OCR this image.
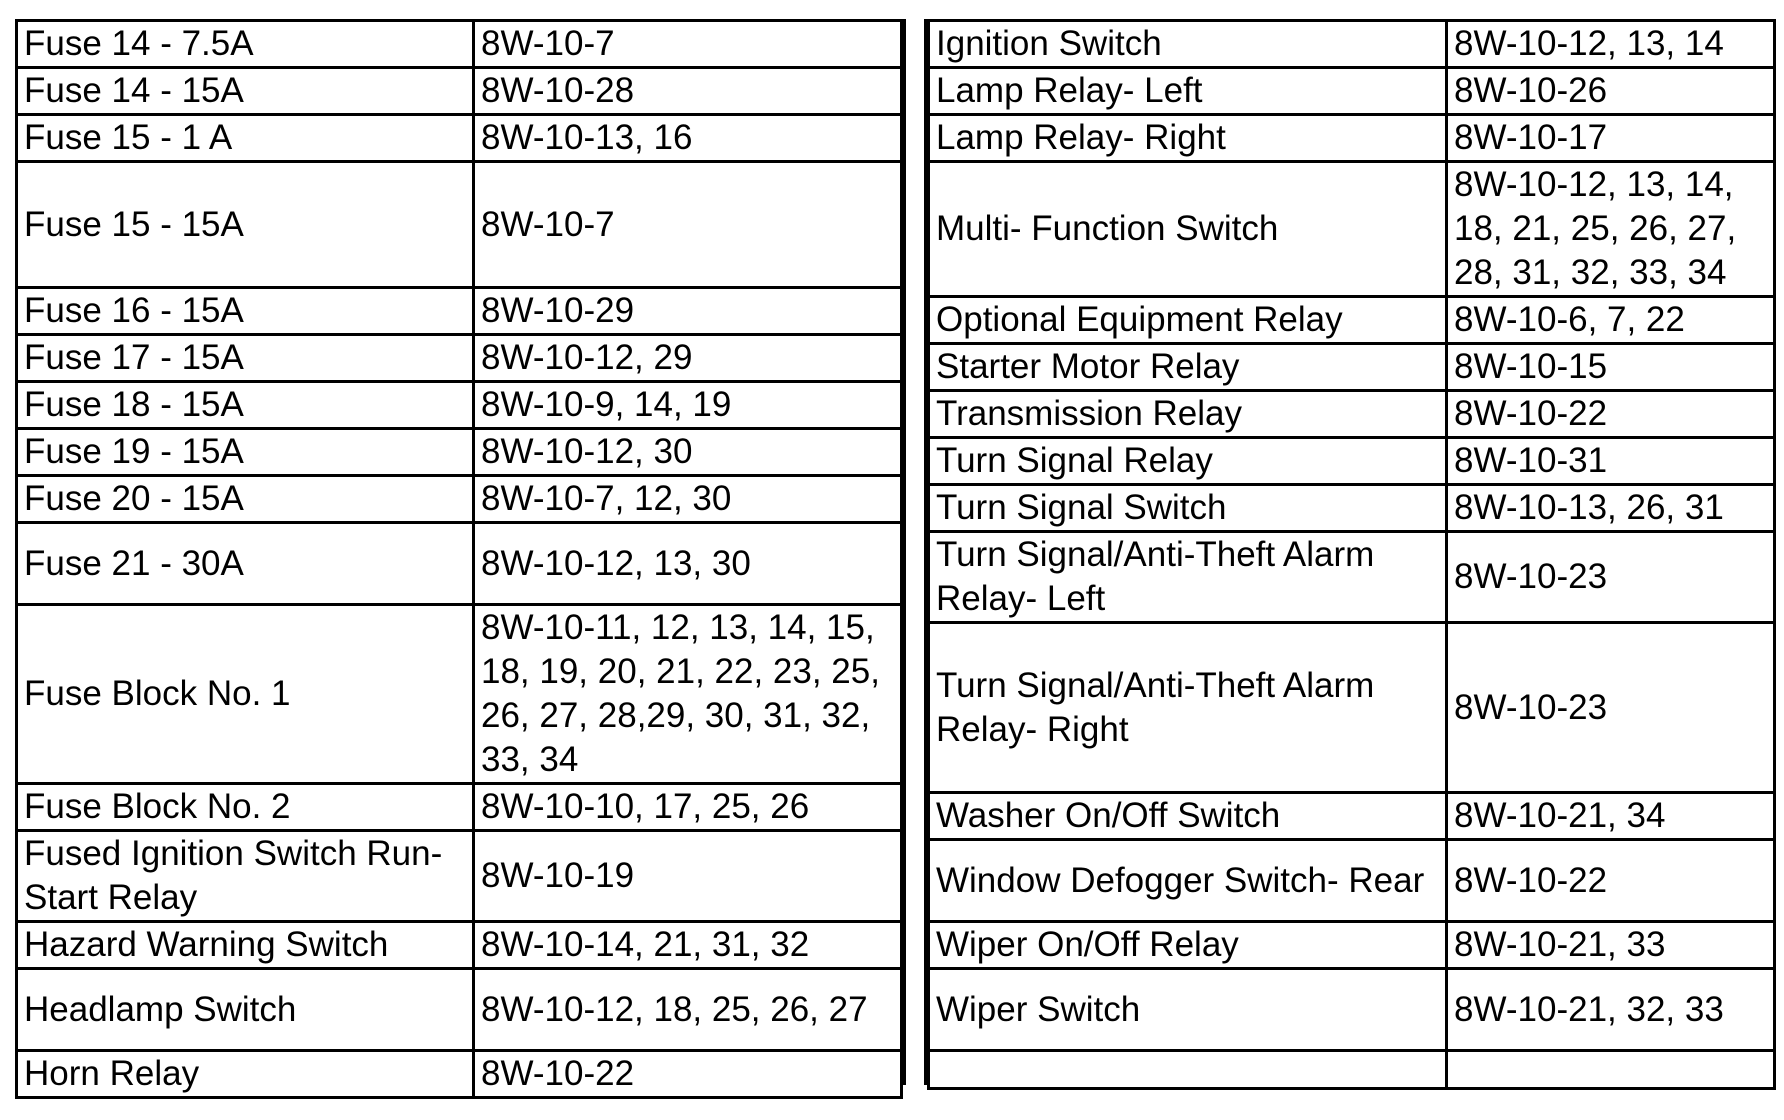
Fuse 14 - 7.5A	8W-10-7
Fuse 14 - 15A	8W-10-28
Fuse 15 - 1 A	8W-10-13, 16
Fuse 15 - 15A	8W-10-7
Fuse 16 - 15A	8W-10-29
Fuse 17 - 15A	8W-10-12, 29
Fuse 18 - 15A	8W-10-9, 14, 19
Fuse 19 - 15A	8W-10-12, 30
Fuse 20 - 15A	8W-10-7, 12, 30
Fuse 21 - 30A	8W-10-12, 13, 30
Fuse Block No. 1	8W-10-11, 12, 13, 14, 15,
18, 19, 20, 21, 22, 23, 25,
26, 27, 28,29, 30, 31, 32,
33, 34
Fuse Block No. 2	8W-10-10, 17, 25, 26
Fused Ignition Switch Run-
Start Relay	8W-10-19
Hazard Warning Switch	8W-10-14, 21, 31, 32
Headlamp Switch	8W-10-12, 18, 25, 26, 27
Horn Relay	8W-10-22
Ignition Switch	8W-10-12, 13, 14
Lamp Relay- Left	8W-10-26
Lamp Relay- Right	8W-10-17
Multi- Function Switch	8W-10-12, 13, 14,
18, 21, 25, 26, 27,
28, 31, 32, 33, 34
Optional Equipment Relay	8W-10-6, 7, 22
Starter Motor Relay	8W-10-15
Transmission Relay	8W-10-22
Turn Signal Relay	8W-10-31
Turn Signal Switch	8W-10-13, 26, 31
Turn Signal/Anti-Theft Alarm
Relay- Left	8W-10-23
Turn Signal/Anti-Theft Alarm
Relay- Right	8W-10-23
Washer On/Off Switch	8W-10-21, 34
Window Defogger Switch- Rear	8W-10-22
Wiper On/Off Relay	8W-10-21, 33
Wiper Switch	8W-10-21, 32, 33
